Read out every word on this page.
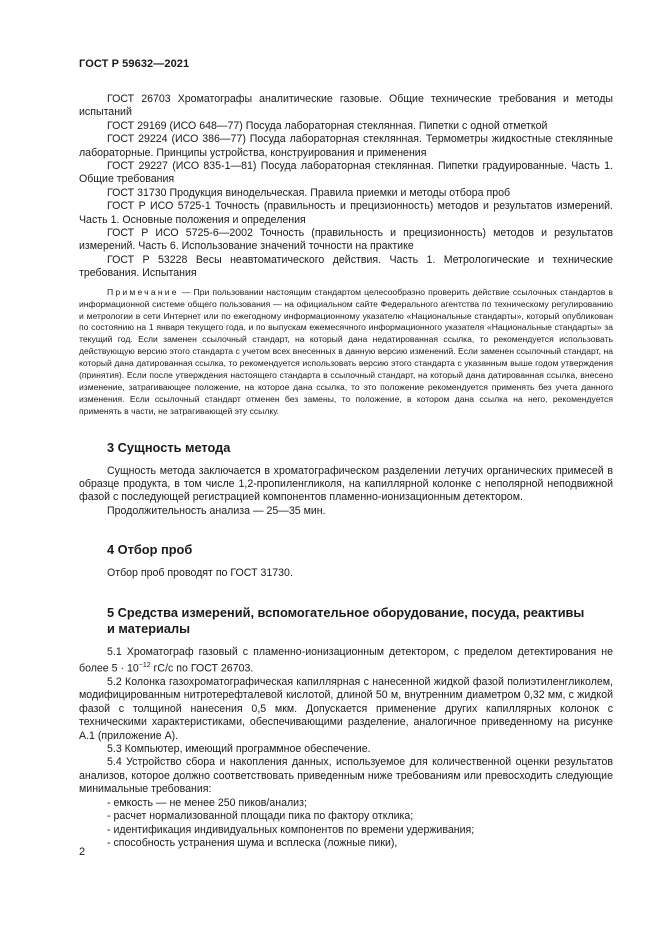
ГОСТ Р 59632—2021

ГОСТ 26703 Хроматографы аналитические газовые. Общие технические требования и методы испытаний

ГОСТ 29169 (ИСО 648—77) Посуда лабораторная стеклянная. Пипетки с одной отметкой

ГОСТ 29224 (ИСО 386—77) Посуда лабораторная стеклянная. Термометры жидкостные стеклянные лабораторные. Принципы устройства, конструирования и применения

ГОСТ 29227 (ИСО 835-1—81) Посуда лабораторная стеклянная. Пипетки градуированные. Часть 1. Общие требования

ГОСТ 31730 Продукция винодельческая. Правила приемки и методы отбора проб

ГОСТ Р ИСО 5725-1 Точность (правильность и прецизионность) методов и результатов измерений. Часть 1. Основные положения и определения

ГОСТ Р ИСО 5725-6—2002 Точность (правильность и прецизионность) методов и результатов измерений. Часть 6. Использование значений точности на практике

ГОСТ Р 53228 Весы неавтоматического действия. Часть 1. Метрологические и технические требования. Испытания

Примечание — При пользовании настоящим стандартом целесообразно проверить действие ссылочных стандартов в информационной системе общего пользования — на официальном сайте Федерального агентства по техническому регулированию и метрологии в сети Интернет или по ежегодному информационному указателю «Национальные стандарты», который опубликован по состоянию на 1 января текущего года, и по выпускам ежемесячного информационного указателя «Национальные стандарты» за текущий год. Если заменен ссылочный стандарт, на который дана недатированная ссылка, то рекомендуется использовать действующую версию этого стандарта с учетом всех внесенных в данную версию изменений. Если заменен ссылочный стандарт, на который дана датированная ссылка, то рекомендуется использовать версию этого стандарта с указанным выше годом утверждения (принятия). Если после утверждения настоящего стандарта в ссылочный стандарт, на который дана датированная ссылка, внесено изменение, затрагивающее положение, на которое дана ссылка, то это положение рекомендуется применять без учета данного изменения. Если ссылочный стандарт отменен без замены, то положение, в котором дана ссылка на него, рекомендуется применять в части, не затрагивающей эту ссылку.

3 Сущность метода

Сущность метода заключается в хроматографическом разделении летучих органических примесей в образце продукта, в том числе 1,2-пропиленгликоля, на капиллярной колонке с неполярной неподвижной фазой с последующей регистрацией компонентов пламенно-ионизационным детектором.

Продолжительность анализа — 25—35 мин.

4 Отбор проб

Отбор проб проводят по ГОСТ 31730.

5 Средства измерений, вспомогательное оборудование, посуда, реактивы
и материалы

5.1 Хроматограф газовый с пламенно-ионизационным детектором, с пределом детектирования не более $5 \cdot 10^{-12}$ гС/с по ГОСТ 26703.

5.2 Колонка газохроматографическая капиллярная с нанесенной жидкой фазой полиэтиленгликолем, модифицированным нитротерефталевой кислотой, длиной 50 м, внутренним диаметром 0,32 мм, с жидкой фазой с толщиной нанесения 0,5 мкм. Допускается применение других капиллярных колонок с техническими характеристиками, обеспечивающими разделение, аналогичное приведенному на рисунке А.1 (приложение А).

5.3 Компьютер, имеющий программное обеспечение.

5.4 Устройство сбора и накопления данных, используемое для количественной оценки результатов анализов, которое должно соответствовать приведенным ниже требованиям или превосходить следующие минимальные требования:

- емкость — не менее 250 пиков/анализ;

- расчет нормализованной площади пика по фактору отклика;

- идентификация индивидуальных компонентов по времени удерживания;

- способность устранения шума и всплеска (ложные пики),

2
